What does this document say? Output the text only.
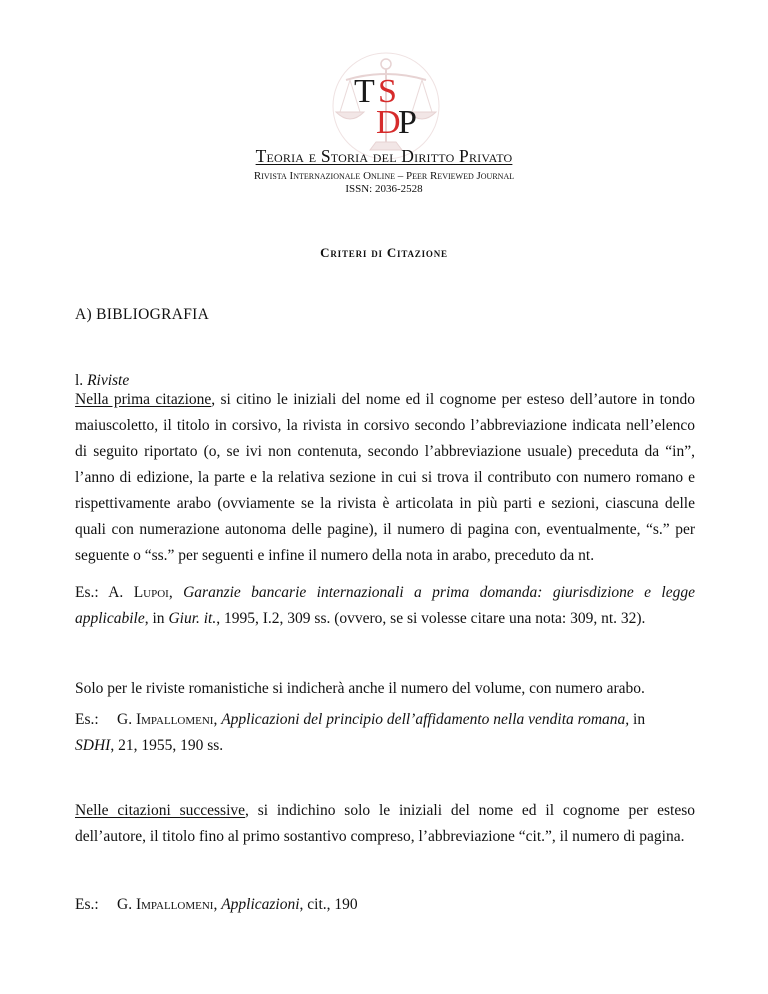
T S
D
P
Teoria e Storia del Diritto Privato
Rivista Internazionale Online – Peer Reviewed Journal
ISSN: 2036-2528
Criteri di Citazione
A) BIBLIOGRAFIA
l. Riviste
Nella prima citazione, si citino le iniziali del nome ed il cognome per esteso dell’autore in tondo maiuscoletto, il titolo in corsivo, la rivista in corsivo secondo l’abbreviazione indicata nell’elenco di seguito riportato (o, se ivi non contenuta, secondo l’abbreviazione usuale) preceduta da “in”, l’anno di edizione, la parte e la relativa sezione in cui si trova il contributo con numero romano e rispettivamente arabo (ovviamente se la rivista è articolata in più parti e sezioni, ciascuna delle quali con numerazione autonoma delle pagine), il numero di pagina con, eventualmente, “s.” per seguente o “ss.” per seguenti e infine il numero della nota in arabo, preceduto da nt.
Es.: A. Lupoi, Garanzie bancarie internazionali a prima domanda: giurisdizione e legge applicabile, in Giur. it., 1995, I.2, 309 ss. (ovvero, se si volesse citare una nota: 309, nt. 32).
Solo per le riviste romanistiche si indicherà anche il numero del volume, con numero arabo.
Es.: G. Impallomeni, Applicazioni del principio dell’affidamento nella vendita romana, in
SDHI, 21, 1955, 190 ss.
Nelle citazioni successive, si indichino solo le iniziali del nome ed il cognome per esteso dell’autore, il titolo fino al primo sostantivo compreso, l’abbreviazione “cit.”, il numero di pagina.
Es.: G. Impallomeni, Applicazioni, cit., 190
